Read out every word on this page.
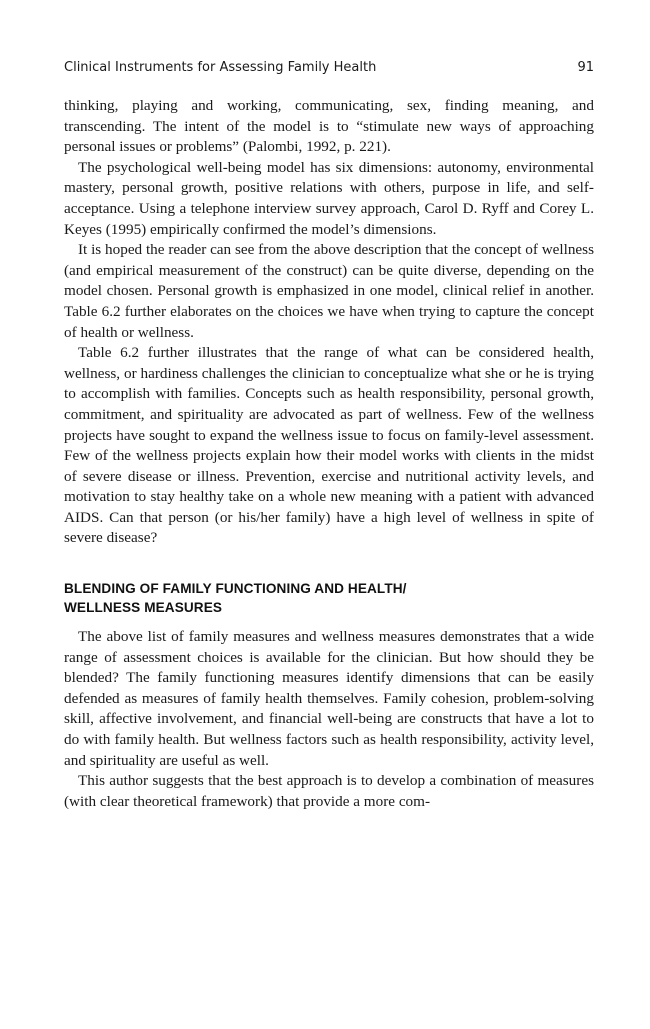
Clinical Instruments for Assessing Family Health	91

thinking, playing and working, communicating, sex, finding meaning, and transcending. The intent of the model is to “stimulate new ways of approaching personal issues or problems” (Palombi, 1992, p. 221).

The psychological well-being model has six dimensions: autonomy, environmental mastery, personal growth, positive relations with others, purpose in life, and self-acceptance. Using a telephone interview survey approach, Carol D. Ryff and Corey L. Keyes (1995) empirically confirmed the model’s dimensions.

It is hoped the reader can see from the above description that the concept of wellness (and empirical measurement of the construct) can be quite diverse, depending on the model chosen. Personal growth is emphasized in one model, clinical relief in another. Table 6.2 further elaborates on the choices we have when trying to capture the concept of health or wellness.

Table 6.2 further illustrates that the range of what can be considered health, wellness, or hardiness challenges the clinician to conceptualize what she or he is trying to accomplish with families. Concepts such as health responsibility, personal growth, commitment, and spirituality are advocated as part of wellness. Few of the wellness projects have sought to expand the wellness issue to focus on family-level assessment. Few of the wellness projects explain how their model works with clients in the midst of severe disease or illness. Prevention, exercise and nutritional activity levels, and motivation to stay healthy take on a whole new meaning with a patient with advanced AIDS. Can that person (or his/her family) have a high level of wellness in spite of severe disease?

BLENDING OF FAMILY FUNCTIONING AND HEALTH/
WELLNESS MEASURES

The above list of family measures and wellness measures demonstrates that a wide range of assessment choices is available for the clinician. But how should they be blended? The family functioning measures identify dimensions that can be easily defended as measures of family health themselves. Family cohesion, problem-solving skill, affective involvement, and financial well-being are constructs that have a lot to do with family health. But wellness factors such as health responsibility, activity level, and spirituality are useful as well.

This author suggests that the best approach is to develop a combination of measures (with clear theoretical framework) that provide a more com-
